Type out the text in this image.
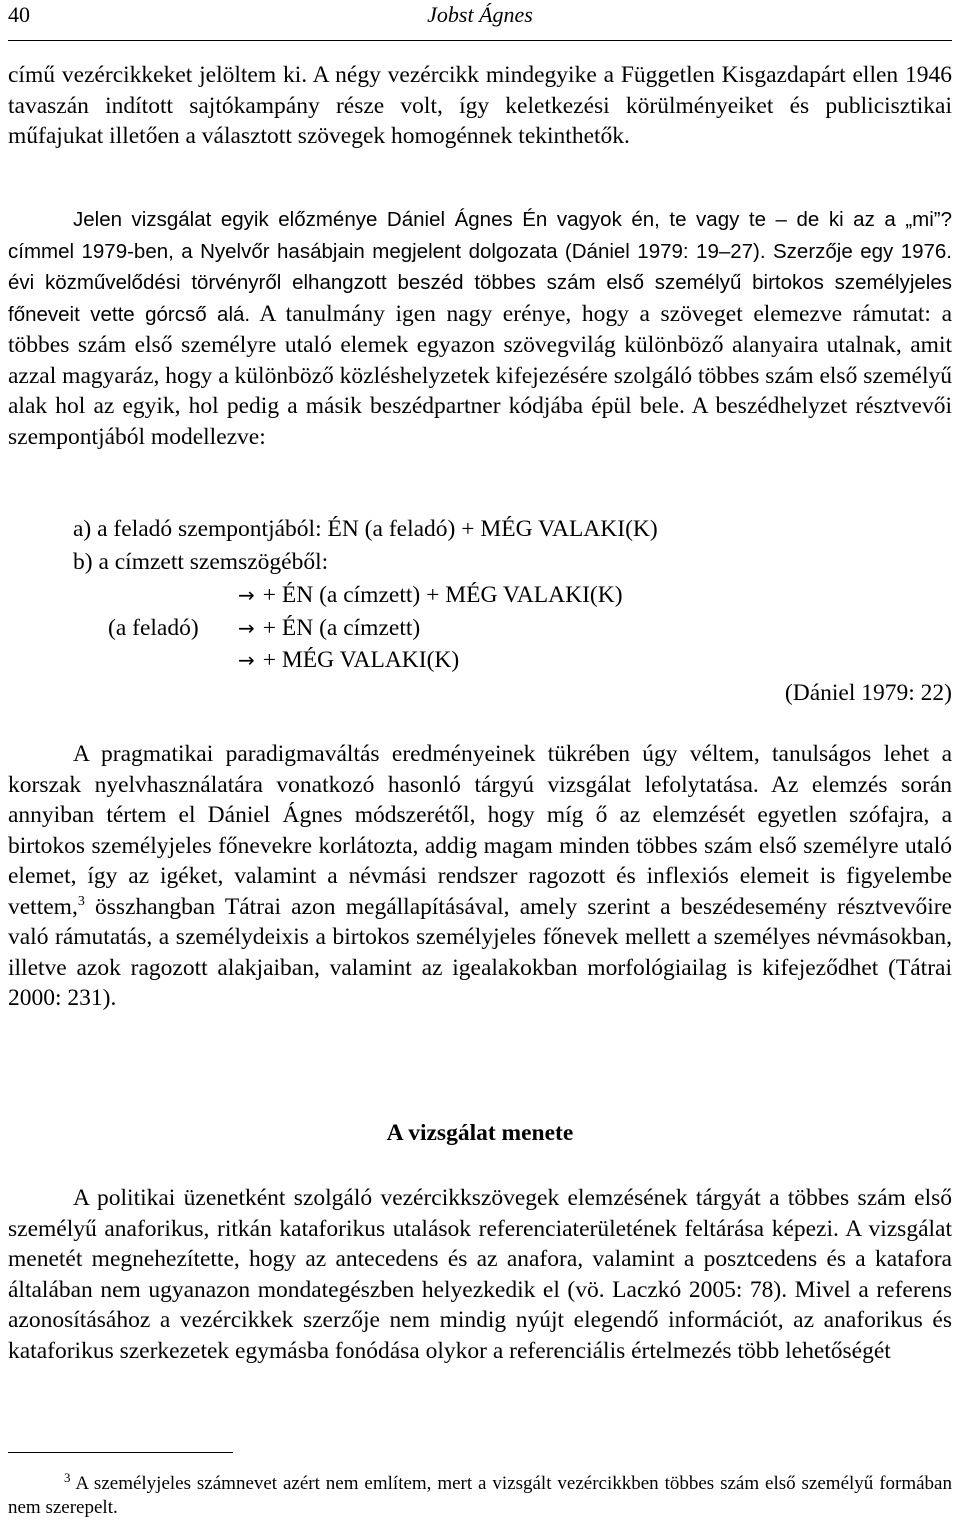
40	Jobst Ágnes

című vezércikkeket jelöltem ki. A négy vezércikk mindegyike a Független Kisgazdapárt ellen 1946 tavaszán indított sajtókampány része volt, így keletkezési körülményeiket és publicisztikai műfajukat illetően a választott szövegek homogénnek tekinthetők.

Jelen vizsgálat egyik előzménye Dániel Ágnes Én vagyok én, te vagy te – de ki az a „mi”? címmel 1979-ben, a Nyelvőr hasábjain megjelent dolgozata (Dániel 1979: 19–27). Szerzője egy 1976. évi közművelődési törvényről elhangzott beszéd többes szám első személyű birtokos személyjeles főneveit vette górcső alá. A tanulmány igen nagy erénye, hogy a szöveget elemezve rámutat: a többes szám első személyre utaló elemek egyazon szövegvilág különböző alanyaira utalnak, amit azzal magyaráz, hogy a különböző közléshelyzetek kifejezésére szolgáló többes szám első személyű alak hol az egyik, hol pedig a másik beszédpartner kódjába épül bele. A beszédhelyzet résztvevői szempontjából modellezve:

a) a feladó szempontjából: ÉN (a feladó) + MÉG VALAKI(K)
b) a címzett szemszögéből:
→ + ÉN (a címzett) + MÉG VALAKI(K)
(a feladó) → + ÉN (a címzett)
→ + MÉG VALAKI(K)
(Dániel 1979: 22)

A pragmatikai paradigmaváltás eredményeinek tükrében úgy véltem, tanulságos lehet a korszak nyelvhasználatára vonatkozó hasonló tárgyú vizsgálat lefolytatása. Az elemzés során annyiban tértem el Dániel Ágnes módszerétől, hogy míg ő az elemzését egyetlen szófajra, a birtokos személyjeles főnevekre korlátozta, addig magam minden többes szám első személyre utaló elemet, így az igéket, valamint a névmási rendszer ragozott és inflexiós elemeit is figyelembe vettem,$^3$ összhangban Tátrai azon megállapításával, amely szerint a beszédesemény résztvevőire való rámutatás, a személydeixis a birtokos személyjeles főnevek mellett a személyes névmásokban, illetve azok ragozott alakjaiban, valamint az igealakokban morfológiailag is kifejeződhet (Tátrai 2000: 231).

A vizsgálat menete

A politikai üzenetként szolgáló vezércikkszövegek elemzésének tárgyát a többes szám első személyű anaforikus, ritkán kataforikus utalások referenciaterületének feltárása képezi. A vizsgálat menetét megnehezítette, hogy az antecedens és az anafora, valamint a posztcedens és a katafora általában nem ugyanazon mondategészben helyezkedik el (vö. Laczkó 2005: 78). Mivel a referens azonosításához a vezércikkek szerzője nem mindig nyújt elegendő információt, az anaforikus és kataforikus szerkezetek egymásba fonódása olykor a referenciális értelmezés több lehetőségét

$^3$ A személyjeles számnevet azért nem említem, mert a vizsgált vezércikkben többes szám első személyű formában nem szerepelt.
